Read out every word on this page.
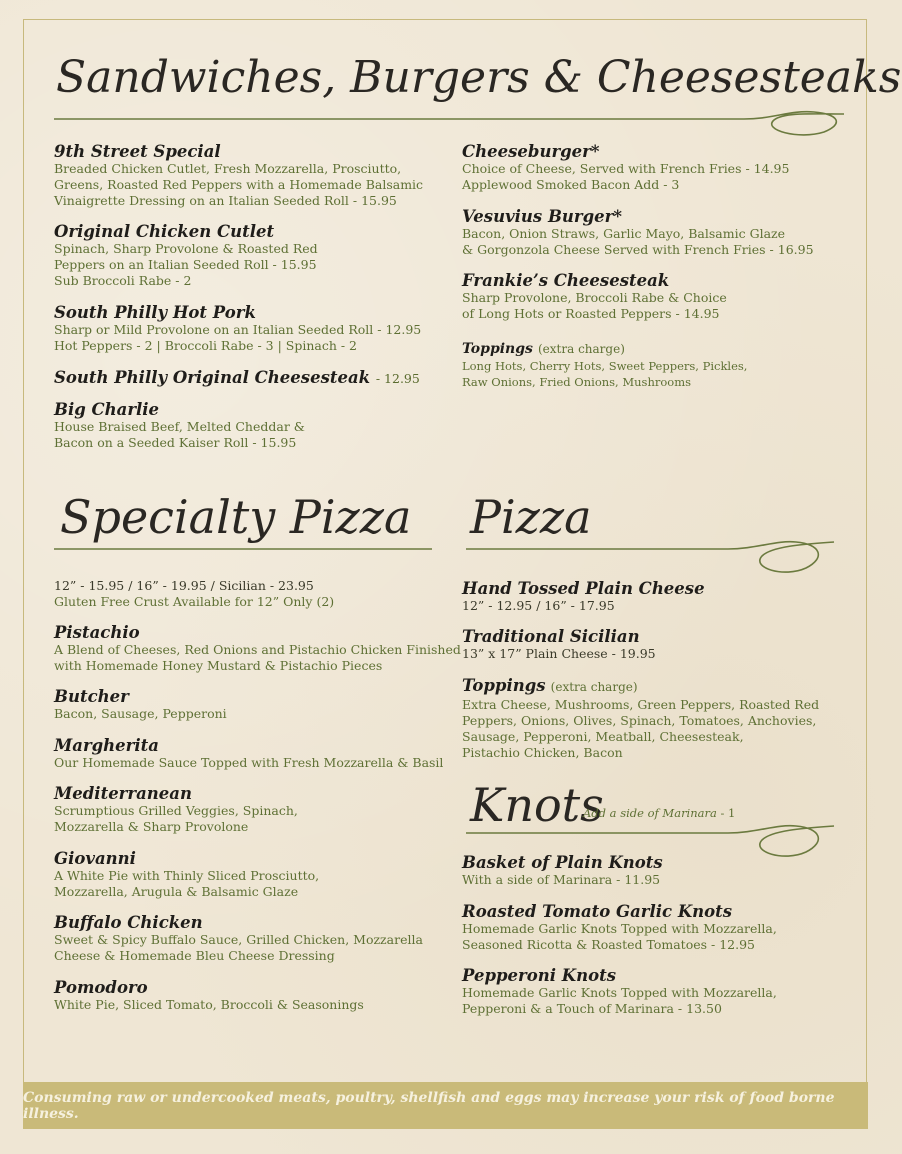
Sandwiches, Burgers & Cheesesteaks
Specialty Pizza Pizza
Knots
Add a side of Marinara - 1
9th Street Special
Breaded Chicken Cutlet, Fresh Mozzarella, Prosciutto,
Greens, Roasted Red Peppers with a Homemade Balsamic
Vinaigrette Dressing on an Italian Seeded Roll - 15.95
Original Chicken Cutlet
Spinach, Sharp Provolone & Roasted Red
Peppers on an Italian Seeded Roll - 15.95
Sub Broccoli Rabe - 2
South Philly Hot Pork
Sharp or Mild Provolone on an Italian Seeded Roll - 12.95
Hot Peppers - 2 | Broccoli Rabe - 3 | Spinach - 2
South Philly Original Cheesesteak - 12.95
Big Charlie
House Braised Beef, Melted Cheddar &
Bacon on a Seeded Kaiser Roll - 15.95
Cheeseburger*
Choice of Cheese, Served with French Fries - 14.95
Applewood Smoked Bacon Add - 3
Vesuvius Burger*
Bacon, Onion Straws, Garlic Mayo, Balsamic Glaze
& Gorgonzola Cheese Served with French Fries - 16.95
Frankie’s Cheesesteak
Sharp Provolone, Broccoli Rabe & Choice
of Long Hots or Roasted Peppers - 14.95
Toppings (extra charge)
Long Hots, Cherry Hots, Sweet Peppers, Pickles,
Raw Onions, Fried Onions, Mushrooms
12” - 15.95 / 16” - 19.95 / Sicilian - 23.95
Gluten Free Crust Available for 12” Only (2)
Pistachio
A Blend of Cheeses, Red Onions and Pistachio Chicken Finished
with Homemade Honey Mustard & Pistachio Pieces
Butcher
Bacon, Sausage, Pepperoni
Margherita
Our Homemade Sauce Topped with Fresh Mozzarella & Basil
Mediterranean
Scrumptious Grilled Veggies, Spinach,
Mozzarella & Sharp Provolone
Giovanni
A White Pie with Thinly Sliced Prosciutto,
Mozzarella, Arugula & Balsamic Glaze
Buffalo Chicken
Sweet & Spicy Buffalo Sauce, Grilled Chicken, Mozzarella
Cheese & Homemade Bleu Cheese Dressing
Pomodoro
White Pie, Sliced Tomato, Broccoli & Seasonings
Hand Tossed Plain Cheese
12” - 12.95 / 16” - 17.95
Traditional Sicilian
13” x 17” Plain Cheese - 19.95
Toppings (extra charge)
Extra Cheese, Mushrooms, Green Peppers, Roasted Red
Peppers, Onions, Olives, Spinach, Tomatoes, Anchovies,
Sausage, Pepperoni, Meatball, Cheesesteak,
Pistachio Chicken, Bacon
Basket of Plain Knots
With a side of Marinara - 11.95
Roasted Tomato Garlic Knots
Homemade Garlic Knots Topped with Mozzarella,
Seasoned Ricotta & Roasted Tomatoes - 12.95
Pepperoni Knots
Homemade Garlic Knots Topped with Mozzarella,
Pepperoni & a Touch of Marinara - 13.50
Consuming raw or undercooked meats, poultry, shellfish and eggs may increase your risk of food borne illness.
